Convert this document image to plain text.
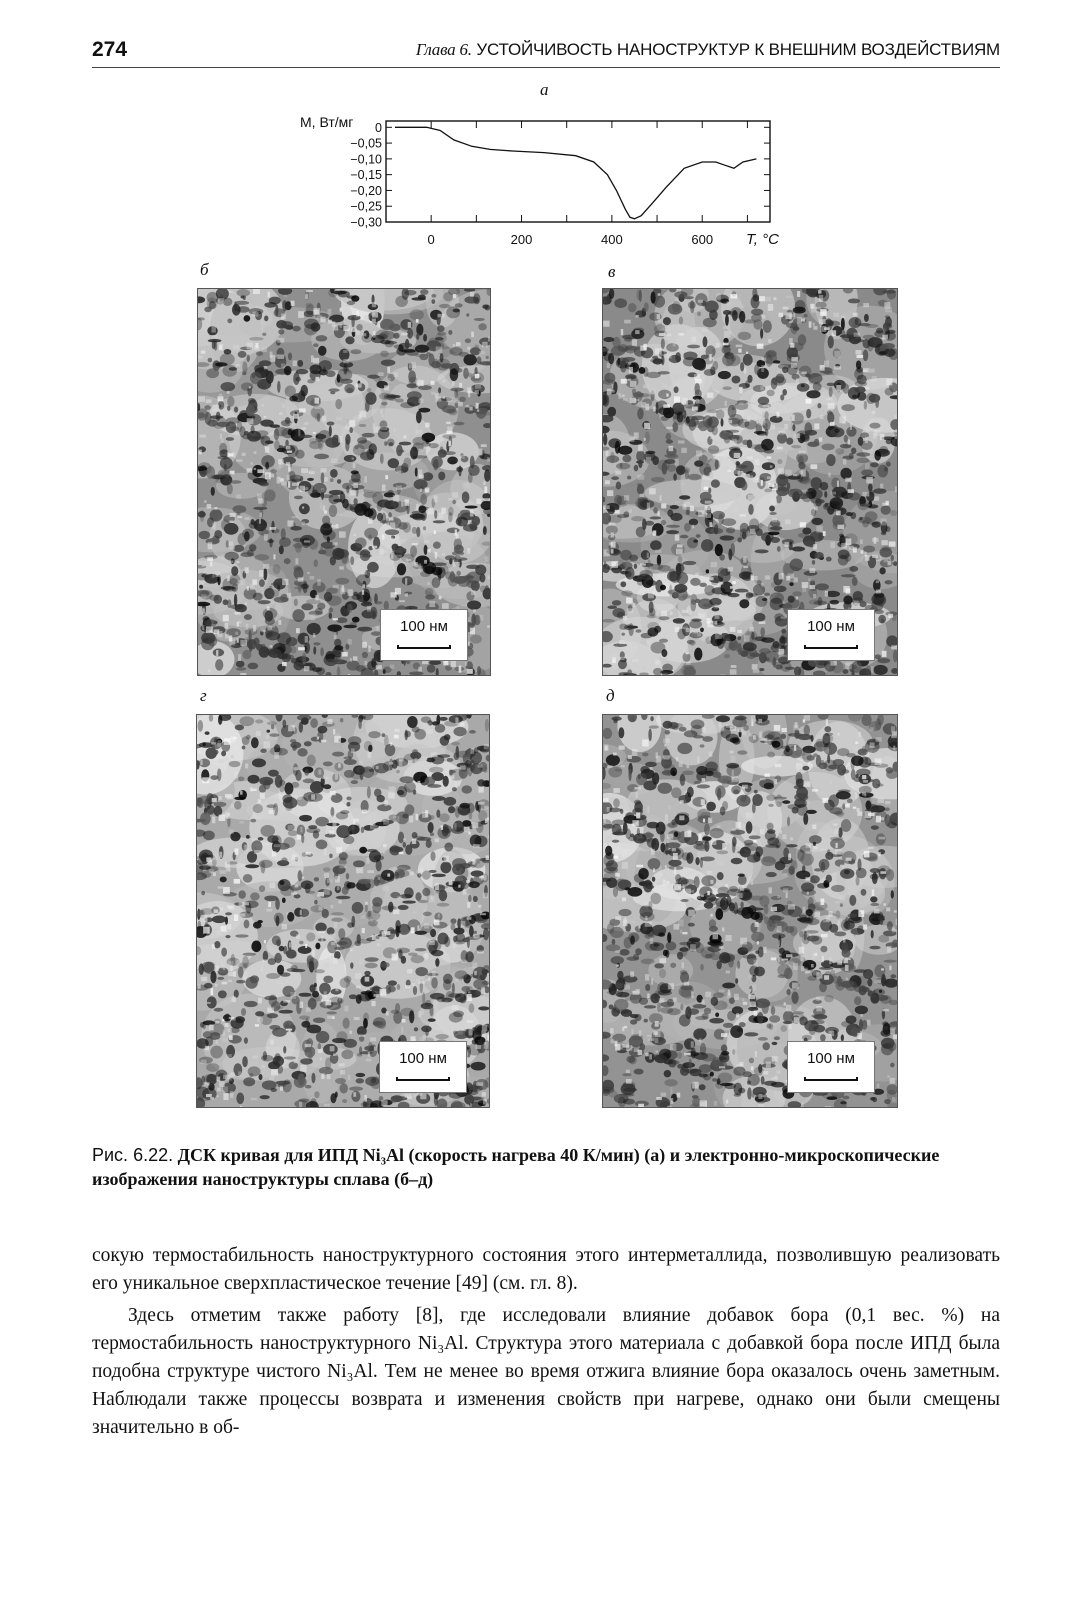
274	Глава 6. УСТОЙЧИВОСТЬ НАНОСТРУКТУР К ВНЕШНИМ ВОЗДЕЙСТВИЯМ
а
M, Вт/мг
T, °C
0
−0,05
−0,10
−0,15
−0,20
−0,25
−0,30
0	200	400	600
б	в
100 нм	100 нм
г	д
100 нм	100 нм
Рис. 6.22. ДСК кривая для ИПД Ni₃Al (скорость нагрева 40 К/мин) (а) и электронно-микроскопические изображения наноструктуры сплава (б–д)

сокую термостабильность наноструктурного состояния этого интерметаллида, позволившую реализовать его уникальное сверхпластическое течение [49] (см. гл. 8).

Здесь отметим также работу [8], где исследовали влияние добавок бора (0,1 вес. %) на термостабильность наноструктурного Ni₃Al. Структура этого материала с добавкой бора после ИПД была подобна структуре чистого Ni₃Al. Тем не менее во время отжига влияние бора оказалось очень заметным. Наблюдали также процессы возврата и изменения свойств при нагреве, однако они были смещены значительно в об-
